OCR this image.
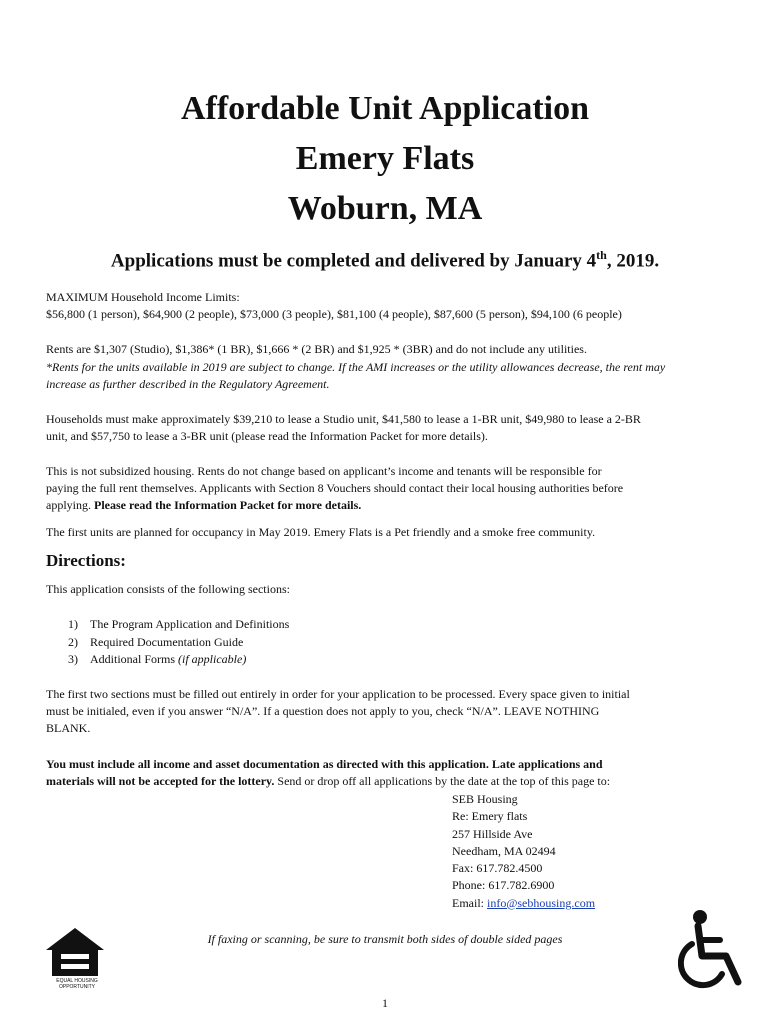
Affordable Unit Application
Emery Flats
Woburn, MA
Applications must be completed and delivered by January 4th, 2019.
MAXIMUM Household Income Limits:
$56,800 (1 person), $64,900 (2 people), $73,000 (3 people), $81,100 (4 people), $87,600 (5 person), $94,100 (6 people)
Rents are $1,307 (Studio), $1,386* (1 BR), $1,666 * (2 BR) and $1,925 * (3BR) and do not include any utilities.
*Rents for the units available in 2019 are subject to change. If the AMI increases or the utility allowances decrease, the rent may
increase as further described in the Regulatory Agreement.
Households must make approximately $39,210 to lease a Studio unit, $41,580 to lease a 1-BR unit, $49,980 to lease a 2-BR
unit, and $57,750 to lease a 3-BR unit (please read the Information Packet for more details).
This is not subsidized housing. Rents do not change based on applicant’s income and tenants will be responsible for
paying the full rent themselves. Applicants with Section 8 Vouchers should contact their local housing authorities before
applying. Please read the Information Packet for more details.
The first units are planned for occupancy in May 2019. Emery Flats is a Pet friendly and a smoke free community.
Directions:
This application consists of the following sections:
1) The Program Application and Definitions
2) Required Documentation Guide
3) Additional Forms (if applicable)
The first two sections must be filled out entirely in order for your application to be processed. Every space given to initial
must be initialed, even if you answer “N/A”. If a question does not apply to you, check “N/A”. LEAVE NOTHING
BLANK.
You must include all income and asset documentation as directed with this application. Late applications and
materials will not be accepted for the lottery. Send or drop off all applications by the date at the top of this page to:
SEB Housing
Re: Emery flats
257 Hillside Ave
Needham, MA 02494
Fax: 617.782.4500
Phone: 617.782.6900
Email: info@sebhousing.com
If faxing or scanning, be sure to transmit both sides of double sided pages
EQUAL HOUSING
OPPORTUNITY
1
